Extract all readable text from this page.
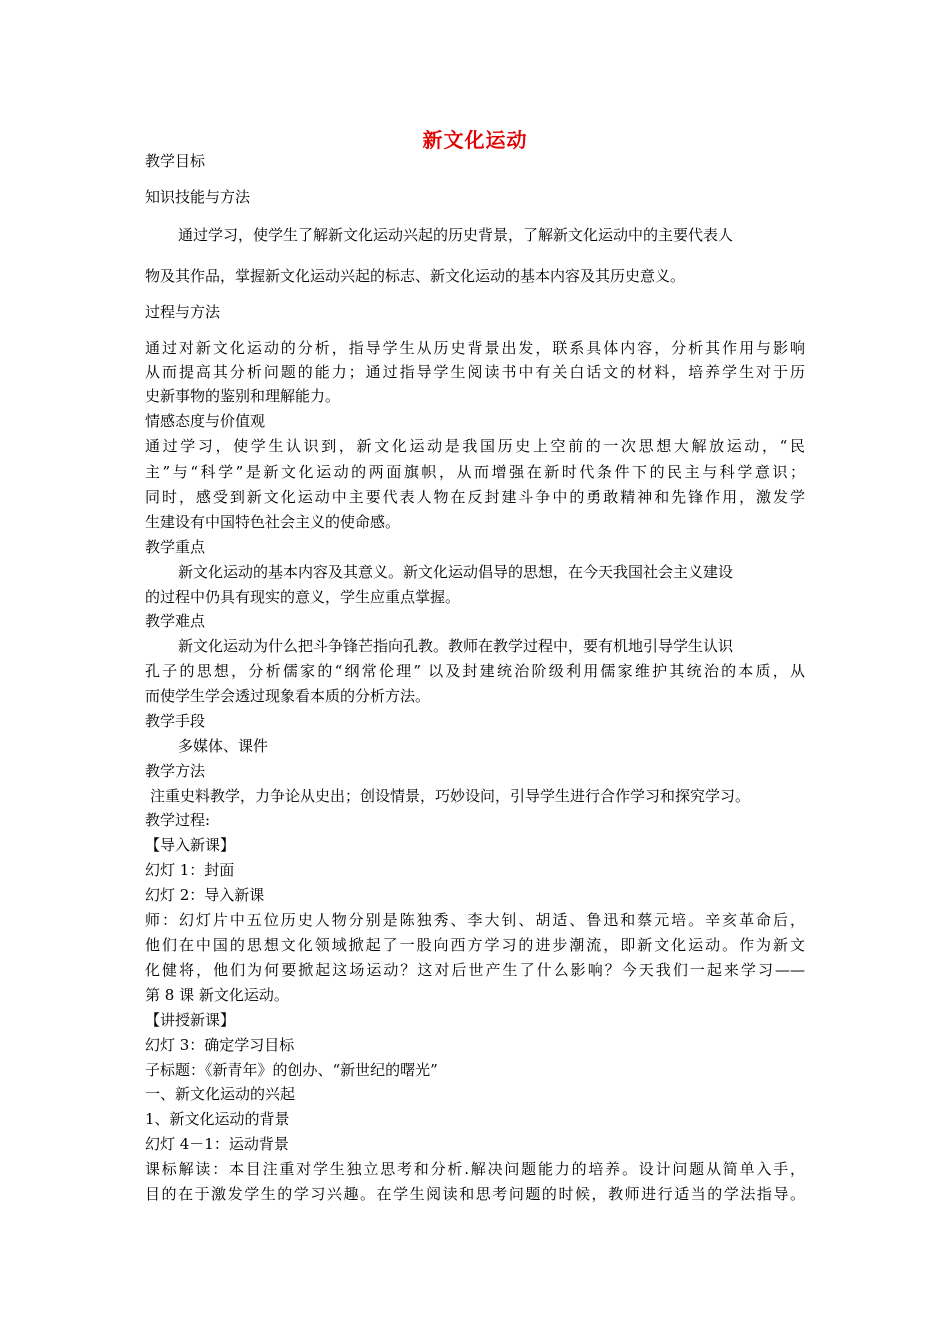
新文化运动
教学目标
知识技能与方法
通过学习，使学生了解新文化运动兴起的历史背景，了解新文化运动中的主要代表人
物及其作品，掌握新文化运动兴起的标志、新文化运动的基本内容及其历史意义。
过程与方法
通过对新文化运动的分析，指导学生从历史背景出发，联系具体内容，分析其作用与影响
从而提高其分析问题的能力；通过指导学生阅读书中有关白话文的材料，培养学生对于历
史新事物的鉴别和理解能力。
情感态度与价值观
通过学习，使学生认识到，新文化运动是我国历史上空前的一次思想大解放运动，“民
主”与“科学”是新文化运动的两面旗帜，从而增强在新时代条件下的民主与科学意识；
同时，感受到新文化运动中主要代表人物在反封建斗争中的勇敢精神和先锋作用，激发学
生建设有中国特色社会主义的使命感。
教学重点
新文化运动的基本内容及其意义。新文化运动倡导的思想，在今天我国社会主义建设
的过程中仍具有现实的意义，学生应重点掌握。
教学难点
新文化运动为什么把斗争锋芒指向孔教。教师在教学过程中，要有机地引导学生认识
孔子的思想，分析儒家的“纲常伦理” 以及封建统治阶级利用儒家维护其统治的本质，从
而使学生学会透过现象看本质的分析方法。
教学手段
多媒体、课件
教学方法
注重史料教学，力争论从史出；创设情景，巧妙设问，引导学生进行合作学习和探究学习。
教学过程:
【导入新课】
幻灯 1：封面
幻灯 2：导入新课
师：幻灯片中五位历史人物分别是陈独秀、李大钊、胡适、鲁迅和蔡元培。辛亥革命后，
他们在中国的思想文化领域掀起了一股向西方学习的进步潮流，即新文化运动。作为新文
化健将，他们为何要掀起这场运动？这对后世产生了什么影响？今天我们一起来学习——
第 8 课 新文化运动。
【讲授新课】
幻灯 3：确定学习目标
子标题：《新青年》的创办、“新世纪的曙光”
一、新文化运动的兴起
1、新文化运动的背景
幻灯 4－1：运动背景
课标解读：本目注重对学生独立思考和分析.解决问题能力的培养。设计问题从简单入手，
目的在于激发学生的学习兴趣。在学生阅读和思考问题的时候，教师进行适当的学法指导。
